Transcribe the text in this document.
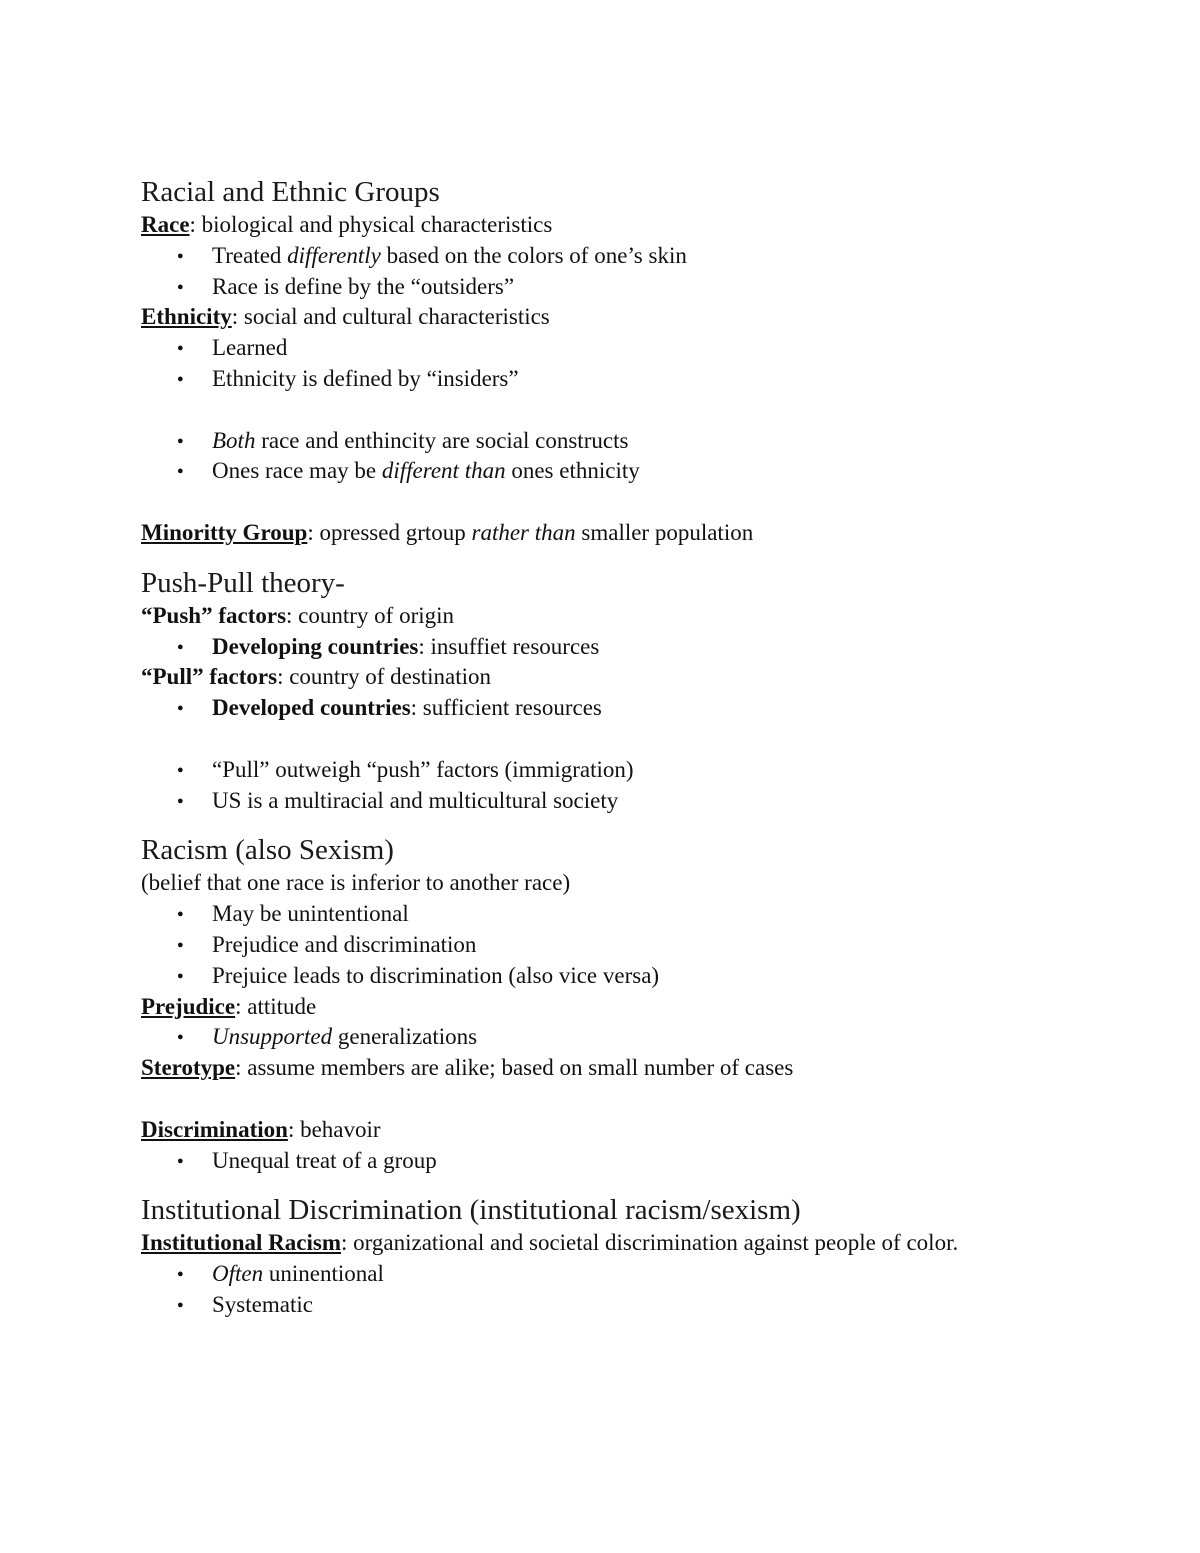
Racial and Ethnic Groups

Race: biological and physical characteristics

● Treated differently based on the colors of one’s skin
● Race is define by the “outsiders”

Ethnicity: social and cultural characteristics

● Learned
● Ethnicity is defined by “insiders”
● Both race and enthincity are social constructs
● Ones race may be different than ones ethnicity

Minoritty Group: opressed grtoup rather than smaller population

Push-Pull theory-

“Push” factors: country of origin

● Developing countries: insuffiet resources

“Pull” factors: country of destination

● Developed countries: sufficient resources
● “Pull” outweigh “push” factors (immigration)
● US is a multiracial and multicultural society

Racism (also Sexism)

(belief that one race is inferior to another race)

● May be unintentional
● Prejudice and discrimination
● Prejuice leads to discrimination (also vice versa)

Prejudice: attitude

● Unsupported generalizations

Sterotype: assume members are alike; based on small number of cases

Discrimination: behavoir

● Unequal treat of a group

Institutional Discrimination (institutional racism/sexism)

Institutional Racism: organizational and societal discrimination against people of color.

● Often uninentional
● Systematic
